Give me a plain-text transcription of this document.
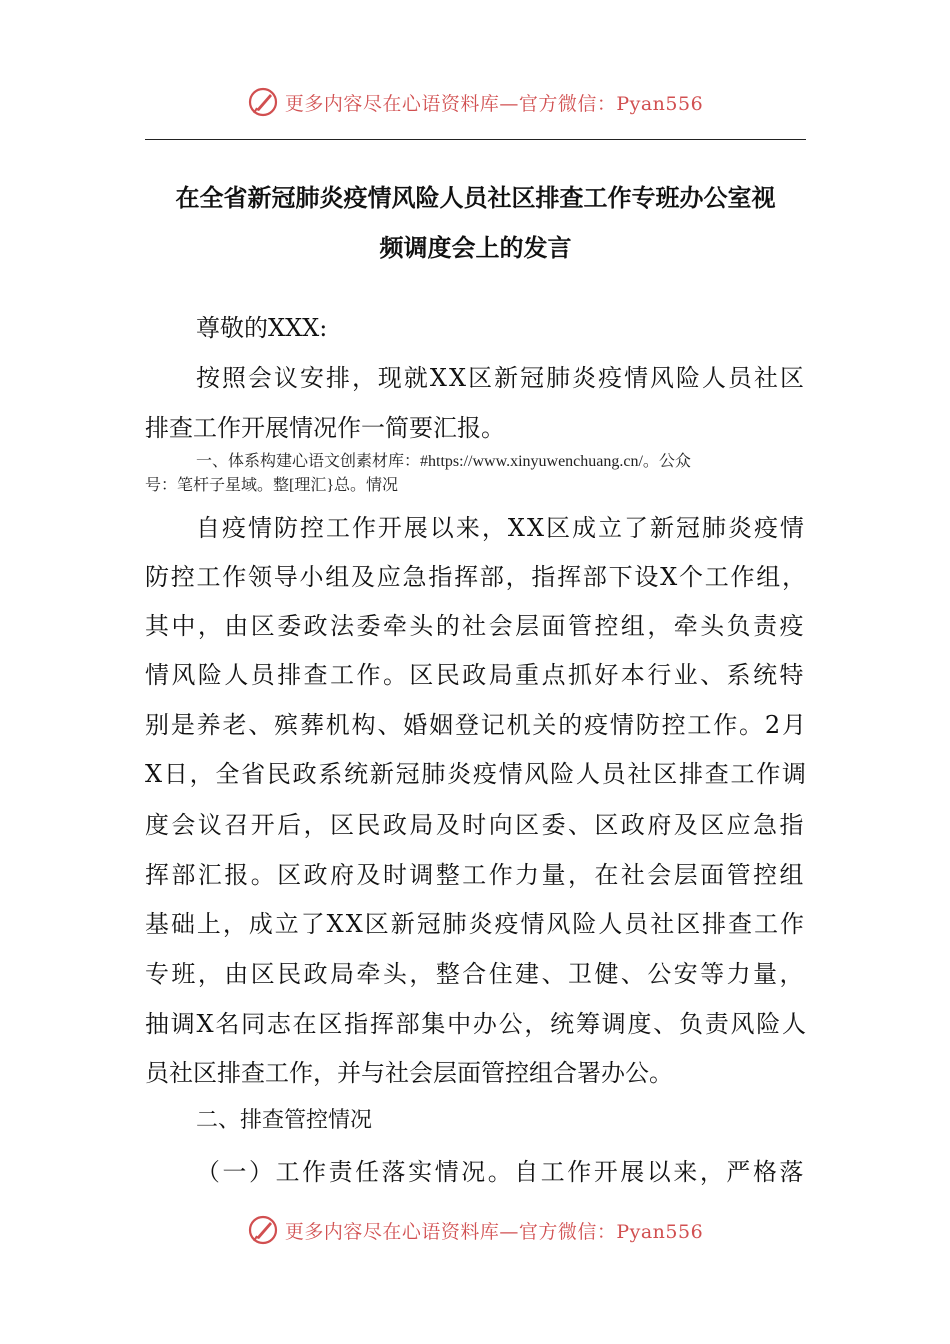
更多内容尽在心语资料库—官方微信：Pyan556
在全省新冠肺炎疫情风险人员社区排查工作专班办公室视
频调度会上的发言
尊敬的XXX:
按照会议安排，现就XX区新冠肺炎疫情风险人员社区
排查工作开展情况作一简要汇报。
一、体系构建心语文创素材库：#https://www.xinyuwenchuang.cn/。公众
号：笔杆子星域。整[理汇}总。情况
自疫情防控工作开展以来，XX区成立了新冠肺炎疫情
防控工作领导小组及应急指挥部，指挥部下设X个工作组，
其中，由区委政法委牵头的社会层面管控组，牵头负责疫
情风险人员排查工作。区民政局重点抓好本行业、系统特
别是养老、殡葬机构、婚姻登记机关的疫情防控工作。2月
X日，全省民政系统新冠肺炎疫情风险人员社区排查工作调
度会议召开后，区民政局及时向区委、区政府及区应急指
挥部汇报。区政府及时调整工作力量，在社会层面管控组
基础上，成立了XX区新冠肺炎疫情风险人员社区排查工作
专班，由区民政局牵头，整合住建、卫健、公安等力量，
抽调X名同志在区指挥部集中办公，统筹调度、负责风险人
员社区排查工作，并与社会层面管控组合署办公。
二、排查管控情况
（一）工作责任落实情况。自工作开展以来，严格落
更多内容尽在心语资料库—官方微信：Pyan556
